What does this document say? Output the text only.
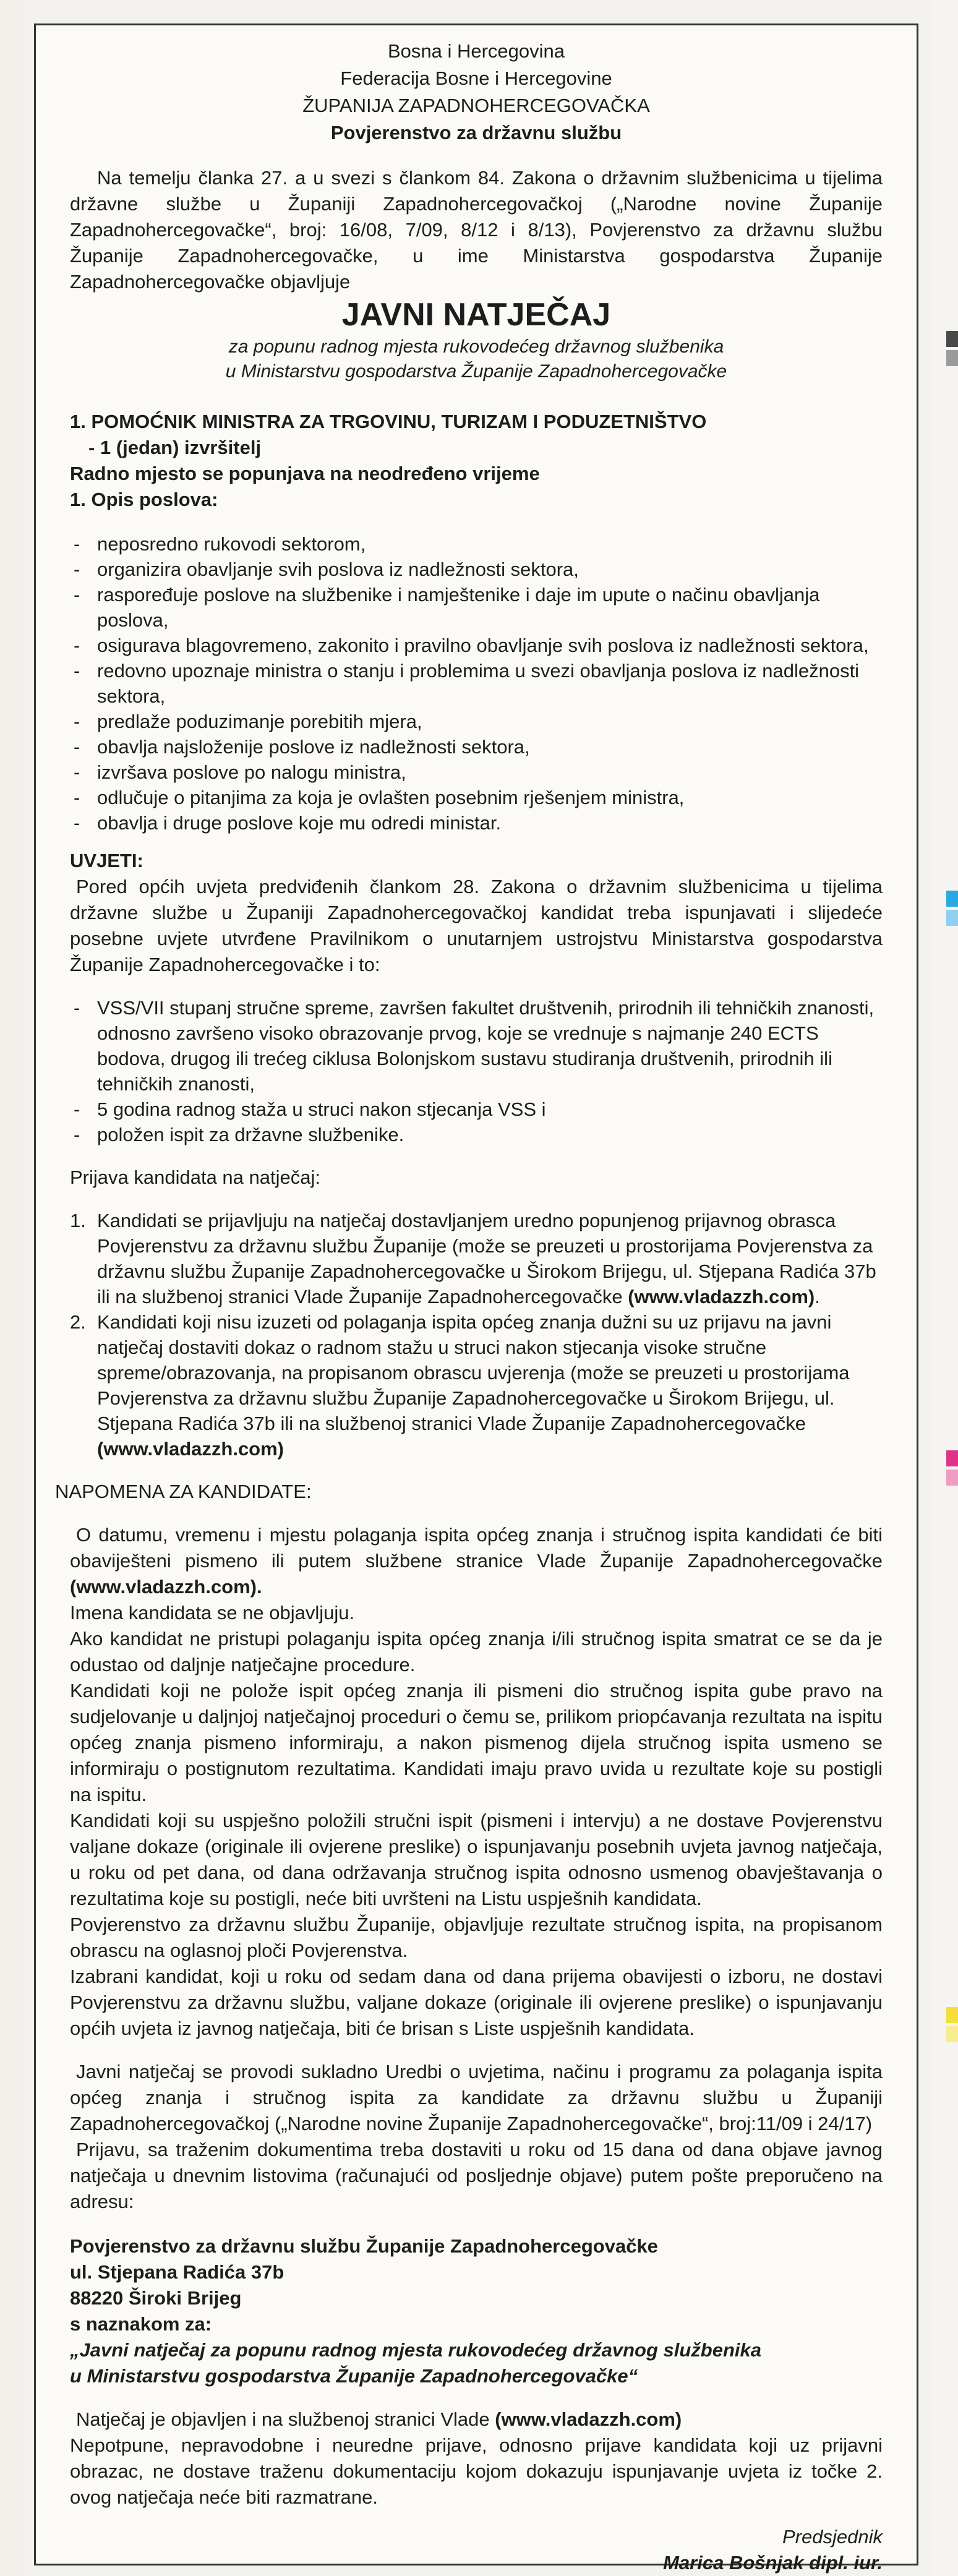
Bosna i Hercegovina

Federacija Bosne i Hercegovine

ŽUPANIJA ZAPADNOHERCEGOVAČKA

Povjerenstvo za državnu službu

Na temelju članka 27. a u svezi s člankom 84. Zakona o državnim službenicima u tijelima državne službe u Županiji Zapadnohercegovačkoj („Narodne novine Županije Zapadnohercegovačke“, broj: 16/08, 7/09, 8/12 i 8/13), Povjerenstvo za državnu službu Županije Zapadnohercegovačke, u ime Ministarstva gospodarstva Županije Zapadnohercegovačke objavljuje

JAVNI NATJEČAJ

za popunu radnog mjesta rukovodećeg državnog službenika

u Ministarstvu gospodarstva Županije Zapadnohercegovačke

1. POMOĆNIK MINISTRA ZA TRGOVINU, TURIZAM I PODUZETNIŠTVO

- 1 (jedan) izvršitelj

Radno mjesto se popunjava na neodređeno vrijeme

1. Opis poslova:

- neposredno rukovodi sektorom,
- organizira obavljanje svih poslova iz nadležnosti sektora,
- raspoređuje poslove na službenike i namještenike i daje im upute o načinu obavljanja poslova,
- osigurava blagovremeno, zakonito i pravilno obavljanje svih poslova iz nadležnosti sektora,
- redovno upoznaje ministra o stanju i problemima u svezi obavljanja poslova iz nadležnosti sektora,
- predlaže poduzimanje porebitih mjera,
- obavlja najsloženije poslove iz nadležnosti sektora,
- izvršava poslove po nalogu ministra,
- odlučuje o pitanjima za koja je ovlašten posebnim rješenjem ministra,
- obavlja i druge poslove koje mu odredi ministar.

UVJETI:

Pored općih uvjeta predviđenih člankom 28. Zakona o državnim službenicima u tijelima državne službe u Županiji Zapadnohercegovačkoj kandidat treba ispunjavati i slijedeće posebne uvjete utvrđene Pravilnikom o unutarnjem ustrojstvu Ministarstva gospodarstva Županije Zapadnohercegovačke i to:

- VSS/VII stupanj stručne spreme, završen fakultet društvenih, prirodnih ili tehničkih znanosti, odnosno završeno visoko obrazovanje prvog, koje se vrednuje s najmanje 240 ECTS bodova, drugog ili trećeg ciklusa Bolonjskom sustavu studiranja društvenih, prirodnih ili tehničkih znanosti,
- 5 godina radnog staža u struci nakon stjecanja VSS i
- položen ispit za državne službenike.

Prijava kandidata na natječaj:

1. Kandidati se prijavljuju na natječaj dostavljanjem uredno popunjenog prijavnog obrasca Povjerenstvu za državnu službu Županije (može se preuzeti u prostorijama Povjerenstva za državnu službu Županije Zapadnohercegovačke u Širokom Brijegu, ul. Stjepana Radića 37b ili na službenoj stranici Vlade Županije Zapadnohercegovačke (www.vladazzh.com).
2. Kandidati koji nisu izuzeti od polaganja ispita općeg znanja dužni su uz prijavu na javni natječaj dostaviti dokaz o radnom stažu u struci nakon stjecanja visoke stručne spreme/obrazovanja, na propisanom obrascu uvjerenja (može se preuzeti u prostorijama Povjerenstva za državnu službu Županije Zapadnohercegovačke u Širokom Brijegu, ul. Stjepana Radića 37b ili na službenoj stranici Vlade Županije Zapadnohercegovačke (www.vladazzh.com)

NAPOMENA ZA KANDIDATE:

O datumu, vremenu i mjestu polaganja ispita općeg znanja i stručnog ispita kandidati će biti obaviješteni pismeno ili putem službene stranice Vlade Županije Zapadnohercegovačke (www.vladazzh.com).

Imena kandidata se ne objavljuju.

Ako kandidat ne pristupi polaganju ispita općeg znanja i/ili stručnog ispita smatrat ce se da je odustao od daljnje natječajne procedure.

Kandidati koji ne polože ispit općeg znanja ili pismeni dio stručnog ispita gube pravo na sudjelovanje u daljnjoj natječajnoj proceduri o čemu se, prilikom priopćavanja rezultata na ispitu općeg znanja pismeno informiraju, a nakon pismenog dijela stručnog ispita usmeno se informiraju o postignutom rezultatima. Kandidati imaju pravo uvida u rezultate koje su postigli na ispitu.

Kandidati koji su uspješno položili stručni ispit (pismeni i intervju) a ne dostave Povjerenstvu valjane dokaze (originale ili ovjerene preslike) o ispunjavanju posebnih uvjeta javnog natječaja, u roku od pet dana, od dana održavanja stručnog ispita odnosno usmenog obavještavanja o rezultatima koje su postigli, neće biti uvršteni na Listu uspješnih kandidata.

Povjerenstvo za državnu službu Županije, objavljuje rezultate stručnog ispita, na propisanom obrascu na oglasnoj ploči Povjerenstva.

Izabrani kandidat, koji u roku od sedam dana od dana prijema obavijesti o izboru, ne dostavi Povjerenstvu za državnu službu, valjane dokaze (originale ili ovjerene preslike) o ispunjavanju općih uvjeta iz javnog natječaja, biti će brisan s Liste uspješnih kandidata.

Javni natječaj se provodi sukladno Uredbi o uvjetima, načinu i programu za polaganja ispita općeg znanja i stručnog ispita za kandidate za državnu službu u Županiji Zapadnohercegovačkoj („Narodne novine Županije Zapadnohercegovačke“, broj:11/09 i 24/17)

Prijavu, sa traženim dokumentima treba dostaviti u roku od 15 dana od dana objave javnog natječaja u dnevnim listovima (računajući od posljednje objave) putem pošte preporučeno na adresu:

Povjerenstvo za državnu službu Županije Zapadnohercegovačke

ul. Stjepana Radića 37b

88220 Široki Brijeg

s naznakom za:

„Javni natječaj za popunu radnog mjesta rukovodećeg državnog službenika

u Ministarstvu gospodarstva Županije Zapadnohercegovačke“

Natječaj je objavljen i na službenoj stranici Vlade (www.vladazzh.com)

Nepotpune, nepravodobne i neuredne prijave, odnosno prijave kandidata koji uz prijavni obrazac, ne dostave traženu dokumentaciju kojom dokazuju ispunjavanje uvjeta iz točke 2. ovog natječaja neće biti razmatrane.

Predsjednik

Marica Bošnjak dipl. iur.
